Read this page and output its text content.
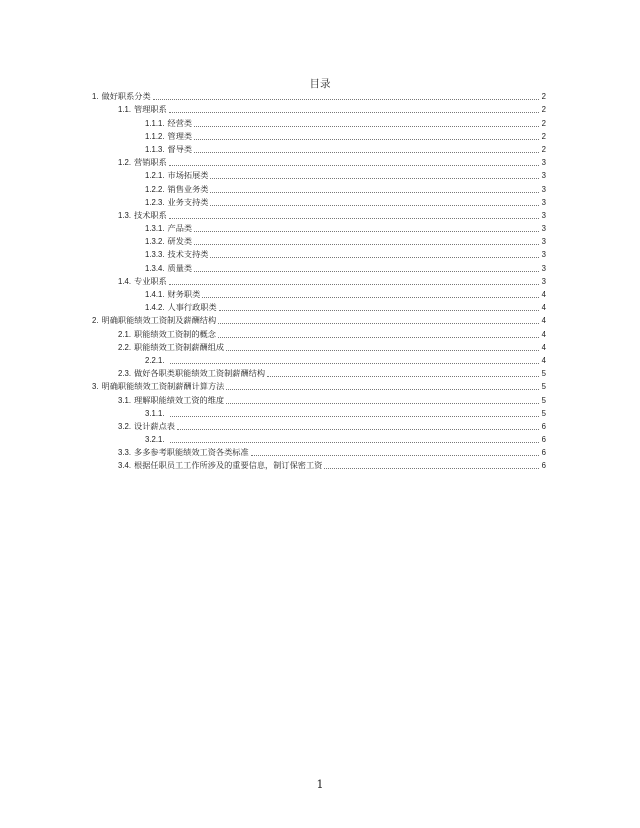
目录
1. 做好职系分类	2
1.1. 管理职系	2
1.1.1. 经营类	2
1.1.2. 管理类	2
1.1.3. 督导类	2
1.2. 营销职系	3
1.2.1. 市场拓展类	3
1.2.2. 销售业务类	3
1.2.3. 业务支持类	3
1.3. 技术职系	3
1.3.1. 产品类	3
1.3.2. 研发类	3
1.3.3. 技术支持类	3
1.3.4. 质量类	3
1.4. 专业职系	3
1.4.1. 财务职类	4
1.4.2. 人事行政职类	4
2. 明确职能绩效工资制及薪酬结构	4
2.1. 职能绩效工资制的概念	4
2.2. 职能绩效工资制薪酬组成	4
2.2.1.	4
2.3. 做好各职类职能绩效工资制薪酬结构	5
3. 明确职能绩效工资制薪酬计算方法	5
3.1. 理解职能绩效工资的维度	5
3.1.1.	5
3.2. 设计薪点表	6
3.2.1.	6
3.3. 多多参考职能绩效工资各类标准	6
3.4. 根据任职员工工作所涉及的重要信息，制订保密工资	6
1
